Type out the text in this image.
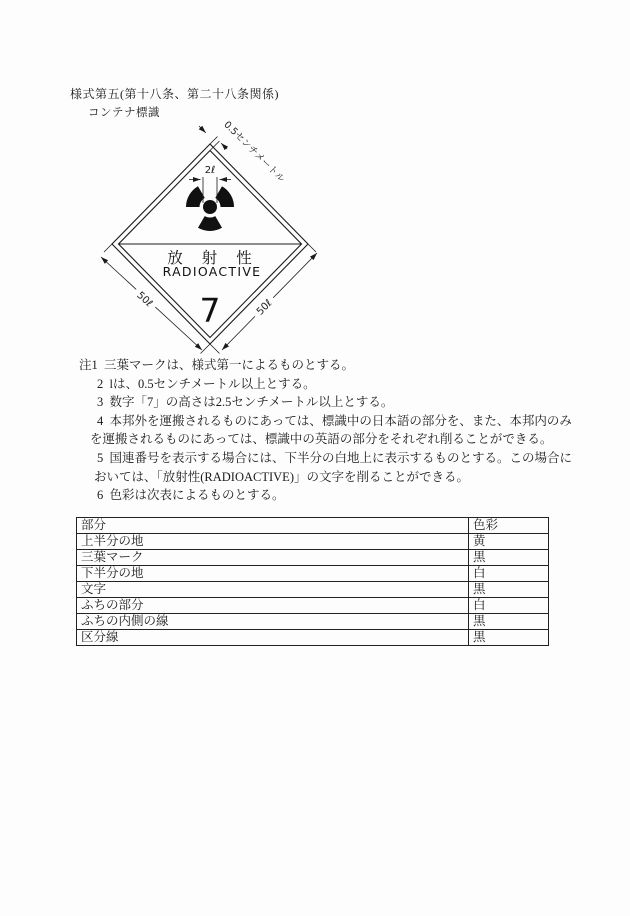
様式第五(第十八条、第二十八条関係)
コンテナ標識
2ℓ 0.5センチメートル
50ℓ	50ℓ
放射性
RADIOACTIVE
7
注1  三葉マークは、様式第一によるものとする。
2  lは、0.5センチメートル以上とする。
3  数字「7」の高さは2.5センチメートル以上とする。
4  本邦外を運搬されるものにあっては、標識中の日本語の部分を、また、本邦内のみ
を運搬されるものにあっては、標識中の英語の部分をそれぞれ削ることができる。
5  国連番号を表示する場合には、下半分の白地上に表示するものとする。この場合に
おいては、「放射性(RADIOACTIVE)」の文字を削ることができる。
6  色彩は次表によるものとする。
部分	色彩
上半分の地	黄
三葉マーク	黒
下半分の地	白
文字	黒
ふちの部分	白
ふちの内側の線	黒
区分線	黒
